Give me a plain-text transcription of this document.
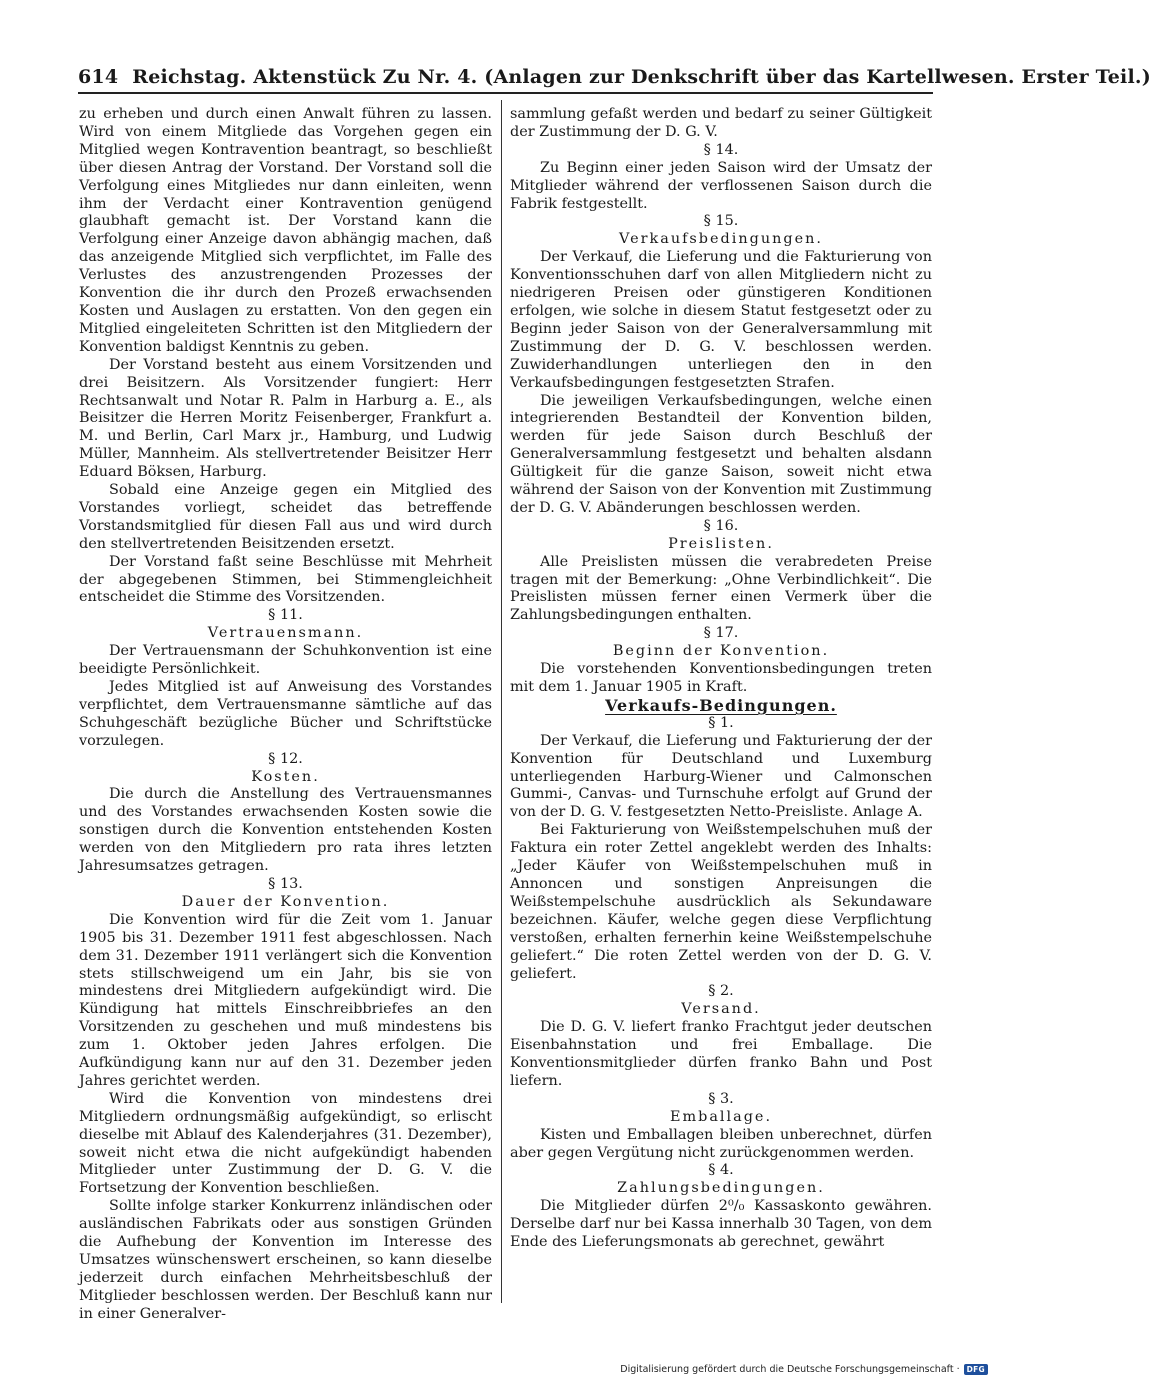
614 Reichstag. Aktenstück Zu Nr. 4. (Anlagen zur Denkschrift über das Kartellwesen. Erster Teil.)

zu erheben und durch einen Anwalt führen zu lassen. Wird von einem Mitgliede das Vorgehen gegen ein Mitglied wegen Kontravention beantragt, so beschließt über diesen Antrag der Vorstand. Der Vorstand soll die Verfolgung eines Mitgliedes nur dann einleiten, wenn ihm der Verdacht einer Kontravention genügend glaubhaft gemacht ist. Der Vorstand kann die Verfolgung einer Anzeige davon abhängig machen, daß das anzeigende Mitglied sich verpflichtet, im Falle des Verlustes des anzustrengenden Prozesses der Konvention die ihr durch den Prozeß erwachsenden Kosten und Auslagen zu erstatten. Von den gegen ein Mitglied eingeleiteten Schritten ist den Mitgliedern der Konvention baldigst Kenntnis zu geben.

Der Vorstand besteht aus einem Vorsitzenden und drei Beisitzern. Als Vorsitzender fungiert: Herr Rechtsanwalt und Notar R. Palm in Harburg a. E., als Beisitzer die Herren Moritz Feisenberger, Frankfurt a. M. und Berlin, Carl Marx jr., Hamburg, und Ludwig Müller, Mannheim. Als stellvertretender Beisitzer Herr Eduard Böksen, Harburg.

Sobald eine Anzeige gegen ein Mitglied des Vorstandes vorliegt, scheidet das betreffende Vorstandsmitglied für diesen Fall aus und wird durch den stellvertretenden Beisitzenden ersetzt.

Der Vorstand faßt seine Beschlüsse mit Mehrheit der abgegebenen Stimmen, bei Stimmengleichheit entscheidet die Stimme des Vorsitzenden.

§ 11.

Vertrauensmann.

Der Vertrauensmann der Schuhkonvention ist eine beeidigte Persönlichkeit.

Jedes Mitglied ist auf Anweisung des Vorstandes verpflichtet, dem Vertrauensmanne sämtliche auf das Schuhgeschäft bezügliche Bücher und Schriftstücke vorzulegen.

§ 12.

Kosten.

Die durch die Anstellung des Vertrauensmannes und des Vorstandes erwachsenden Kosten sowie die sonstigen durch die Konvention entstehenden Kosten werden von den Mitgliedern pro rata ihres letzten Jahresumsatzes getragen.

§ 13.

Dauer der Konvention.

Die Konvention wird für die Zeit vom 1. Januar 1905 bis 31. Dezember 1911 fest abgeschlossen. Nach dem 31. Dezember 1911 verlängert sich die Konvention stets stillschweigend um ein Jahr, bis sie von mindestens drei Mitgliedern aufgekündigt wird. Die Kündigung hat mittels Einschreibbriefes an den Vorsitzenden zu geschehen und muß mindestens bis zum 1. Oktober jeden Jahres erfolgen. Die Aufkündigung kann nur auf den 31. Dezember jeden Jahres gerichtet werden.

Wird die Konvention von mindestens drei Mitgliedern ordnungsmäßig aufgekündigt, so erlischt dieselbe mit Ablauf des Kalenderjahres (31. Dezember), soweit nicht etwa die nicht aufgekündigt habenden Mitglieder unter Zustimmung der D. G. V. die Fortsetzung der Konvention beschließen.

Sollte infolge starker Konkurrenz inländischen oder ausländischen Fabrikats oder aus sonstigen Gründen die Aufhebung der Konvention im Interesse des Umsatzes wünschenswert erscheinen, so kann dieselbe jederzeit durch einfachen Mehrheitsbeschluß der Mitglieder beschlossen werden. Der Beschluß kann nur in einer Generalver-

sammlung gefaßt werden und bedarf zu seiner Gültigkeit der Zustimmung der D. G. V.

§ 14.

Zu Beginn einer jeden Saison wird der Umsatz der Mitglieder während der verflossenen Saison durch die Fabrik festgestellt.

§ 15.

Verkaufsbedingungen.

Der Verkauf, die Lieferung und die Fakturierung von Konventionsschuhen darf von allen Mitgliedern nicht zu niedrigeren Preisen oder günstigeren Konditionen erfolgen, wie solche in diesem Statut festgesetzt oder zu Beginn jeder Saison von der Generalversammlung mit Zustimmung der D. G. V. beschlossen werden. Zuwiderhandlungen unterliegen den in den Verkaufsbedingungen festgesetzten Strafen.

Die jeweiligen Verkaufsbedingungen, welche einen integrierenden Bestandteil der Konvention bilden, werden für jede Saison durch Beschluß der Generalversammlung festgesetzt und behalten alsdann Gültigkeit für die ganze Saison, soweit nicht etwa während der Saison von der Konvention mit Zustimmung der D. G. V. Abänderungen beschlossen werden.

§ 16.

Preislisten.

Alle Preislisten müssen die verabredeten Preise tragen mit der Bemerkung: „Ohne Verbindlichkeit“. Die Preislisten müssen ferner einen Vermerk über die Zahlungsbedingungen enthalten.

§ 17.

Beginn der Konvention.

Die vorstehenden Konventionsbedingungen treten mit dem 1. Januar 1905 in Kraft.

Verkaufs-Bedingungen.

§ 1.

Der Verkauf, die Lieferung und Fakturierung der der Konvention für Deutschland und Luxemburg unterliegenden Harburg-Wiener und Calmonschen Gummi-, Canvas- und Turnschuhe erfolgt auf Grund der von der D. G. V. festgesetzten Netto-Preisliste. Anlage A.

Bei Fakturierung von Weißstempelschuhen muß der Faktura ein roter Zettel angeklebt werden des Inhalts: „Jeder Käufer von Weißstempelschuhen muß in Annoncen und sonstigen Anpreisungen die Weißstempelschuhe ausdrücklich als Sekundaware bezeichnen. Käufer, welche gegen diese Verpflichtung verstoßen, erhalten fernerhin keine Weißstempelschuhe geliefert.“ Die roten Zettel werden von der D. G. V. geliefert.

§ 2.

Versand.

Die D. G. V. liefert franko Frachtgut jeder deutschen Eisenbahnstation und frei Emballage. Die Konventionsmitglieder dürfen franko Bahn und Post liefern.

§ 3.

Emballage.

Kisten und Emballagen bleiben unberechnet, dürfen aber gegen Vergütung nicht zurückgenommen werden.

§ 4.

Zahlungsbedingungen.

Die Mitglieder dürfen 2⁰/₀ Kassaskonto gewähren. Derselbe darf nur bei Kassa innerhalb 30 Tagen, von dem Ende des Lieferungsmonats ab gerechnet, gewährt

Digitalisierung gefördert durch die Deutsche Forschungsgemeinschaft · DFG
